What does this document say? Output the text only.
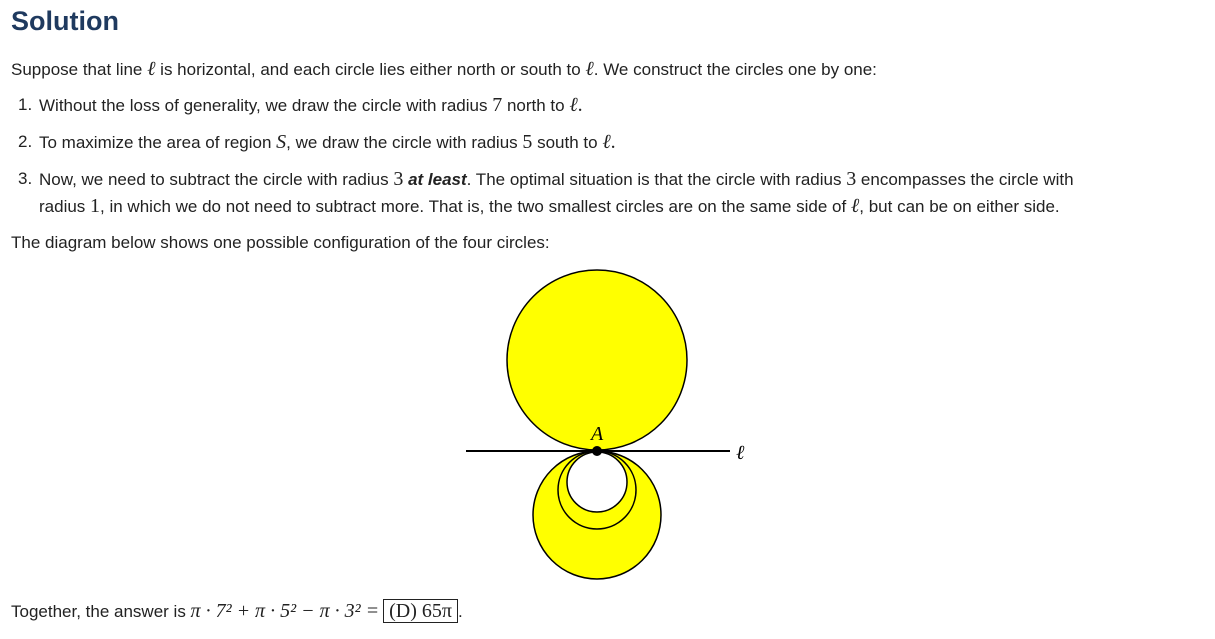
Solution

Suppose that line ℓ is horizontal, and each circle lies either north or south to ℓ. We construct the circles one by one:

1. Without the loss of generality, we draw the circle with radius 7 north to ℓ.
2. To maximize the area of region S, we draw the circle with radius 5 south to ℓ.
3. Now, we need to subtract the circle with radius 3 at least. The optimal situation is that the circle with radius 3 encompasses the circle with
radius 1, in which we do not need to subtract more. That is, the two smallest circles are on the same side of ℓ, but can be on either side.

The diagram below shows one possible configuration of the four circles:

A
ℓ

Together, the answer is π · 7² + π · 5² − π · 3² = (D) 65π .
